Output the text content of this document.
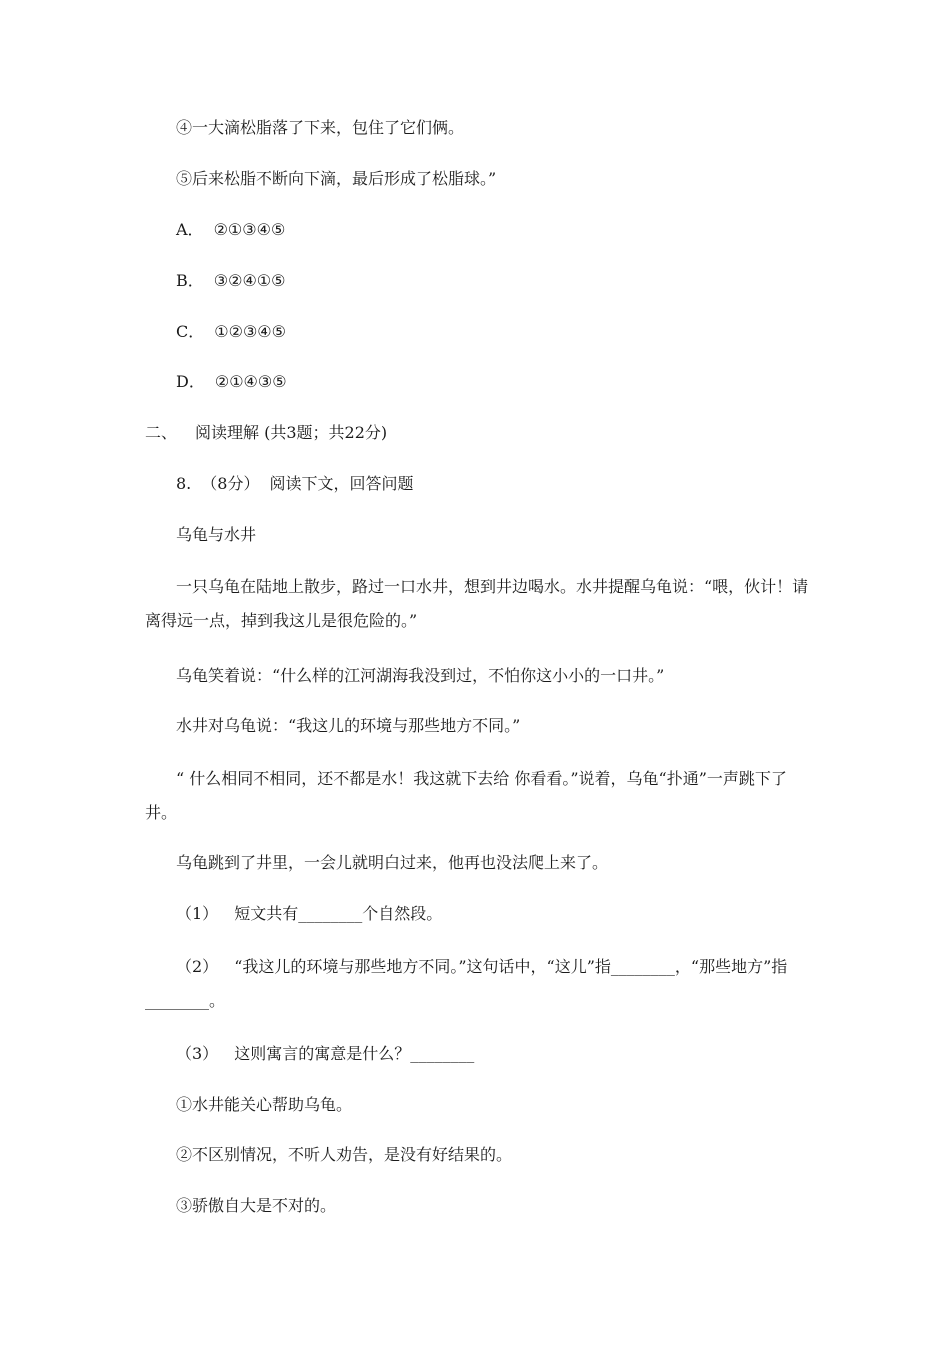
④一大滴松脂落了下来，包住了它们俩。
⑤后来松脂不断向下滴，最后形成了松脂球。”
A． ②①③④⑤
B． ③②④①⑤
C． ①②③④⑤
D． ②①④③⑤
二、 阅读理解 (共3题；共22分)
8. （8分） 阅读下文，回答问题
乌龟与水井
一只乌龟在陆地上散步，路过一口水井，想到井边喝水。水井提醒乌龟说：“喂，伙计！请离得远一点，掉到我这儿是很危险的。”
乌龟笑着说：“什么样的江河湖海我没到过，不怕你这小小的一口井。”
水井对乌龟说：“我这儿的环境与那些地方不同。”
“ 什么相同不相同，还不都是水！我这就下去给 你看看。”说着，乌龟“扑通”一声跳下了井。
乌龟跳到了井里，一会儿就明白过来，他再也没法爬上来了。
（1） 短文共有________个自然段。
（2） “我这儿的环境与那些地方不同。”这句话中，“这儿”指________，“那些地方”指________。
（3） 这则寓言的寓意是什么？________
①水井能关心帮助乌龟。
②不区别情况，不听人劝告，是没有好结果的。
③骄傲自大是不对的。
